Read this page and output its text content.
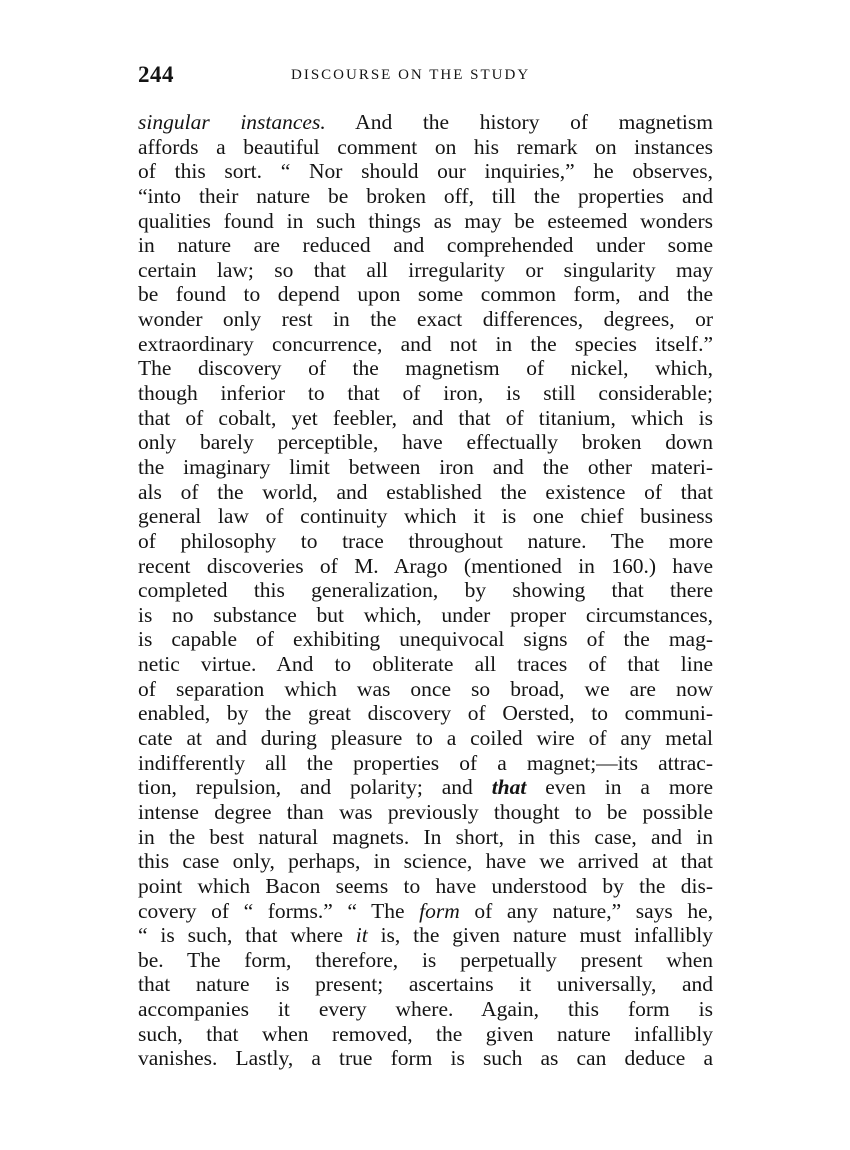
244	DISCOURSE ON THE STUDY
singular instances. And the history of magnetism
affords a beautiful comment on his remark on instances
of this sort. “ Nor should our inquiries,” he observes,
“into their nature be broken off, till the properties and
qualities found in such things as may be esteemed wonders
in nature are reduced and comprehended under some
certain law; so that all irregularity or singularity may
be found to depend upon some common form, and the
wonder only rest in the exact differences, degrees, or
extraordinary concurrence, and not in the species itself.”
The discovery of the magnetism of nickel, which,
though inferior to that of iron, is still considerable;
that of cobalt, yet feebler, and that of titanium, which is
only barely perceptible, have effectually broken down
the imaginary limit between iron and the other materi-
als of the world, and established the existence of that
general law of continuity which it is one chief business
of philosophy to trace throughout nature. The more
recent discoveries of M. Arago (mentioned in 160.) have
completed this generalization, by showing that there
is no substance but which, under proper circumstances,
is capable of exhibiting unequivocal signs of the mag-
netic virtue. And to obliterate all traces of that line
of separation which was once so broad, we are now
enabled, by the great discovery of Oersted, to communi-
cate at and during pleasure to a coiled wire of any metal
indifferently all the properties of a magnet;—its attrac-
tion, repulsion, and polarity; and that even in a more
intense degree than was previously thought to be possible
in the best natural magnets. In short, in this case, and in
this case only, perhaps, in science, have we arrived at that
point which Bacon seems to have understood by the dis-
covery of “ forms.” “ The form of any nature,” says he,
“ is such, that where it is, the given nature must infallibly
be. The form, therefore, is perpetually present when
that nature is present; ascertains it universally, and
accompanies it every where. Again, this form is
such, that when removed, the given nature infallibly
vanishes. Lastly, a true form is such as can deduce a
